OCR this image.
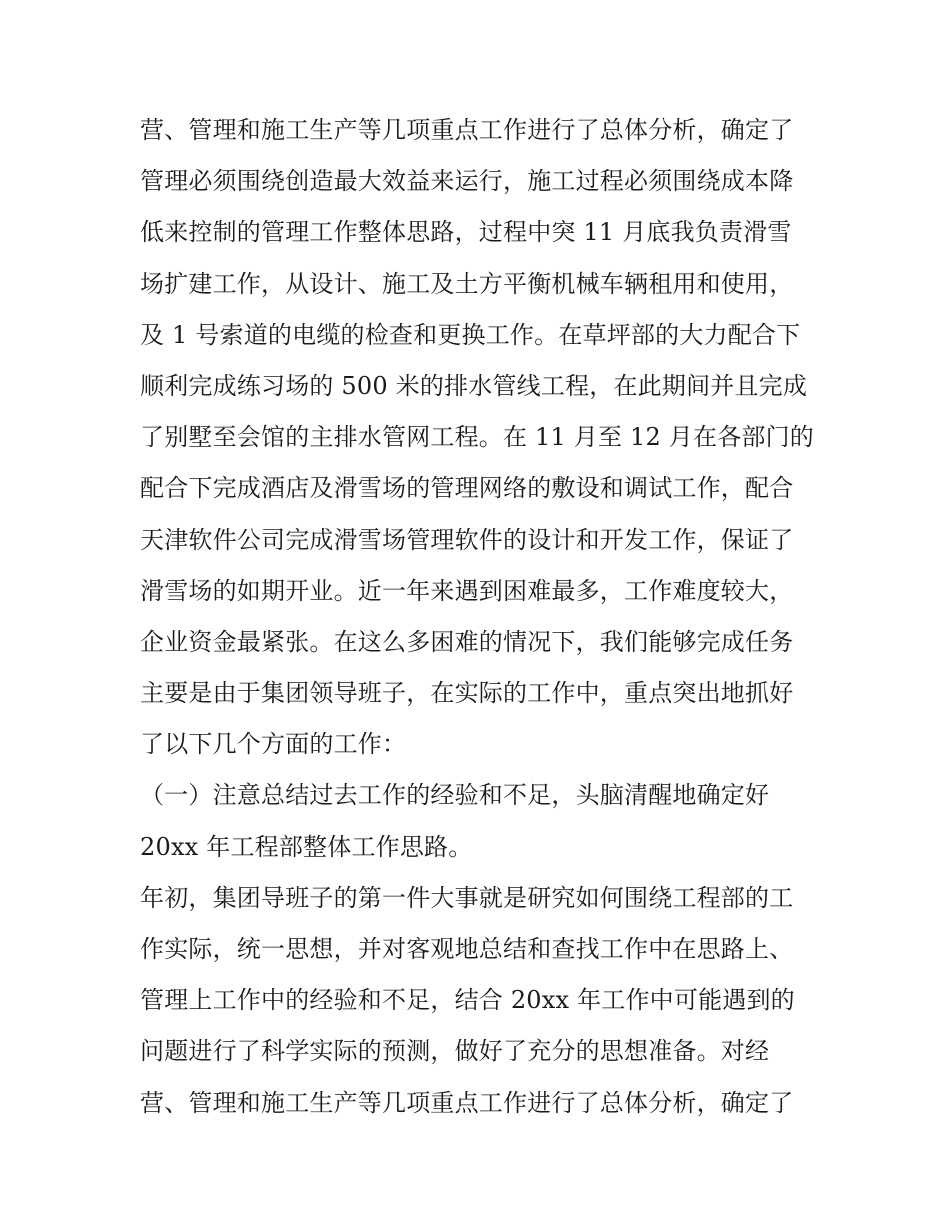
营、管理和施工生产等几项重点工作进行了总体分析，确定了
管理必须围绕创造最大效益来运行，施工过程必须围绕成本降
低来控制的管理工作整体思路，过程中突 11 月底我负责滑雪
场扩建工作，从设计、施工及土方平衡机械车辆租用和使用，
及 1 号索道的电缆的检查和更换工作。在草坪部的大力配合下
顺利完成练习场的 500 米的排水管线工程，在此期间并且完成
了别墅至会馆的主排水管网工程。在 11 月至 12 月在各部门的
配合下完成酒店及滑雪场的管理网络的敷设和调试工作，配合
天津软件公司完成滑雪场管理软件的设计和开发工作，保证了
滑雪场的如期开业。近一年来遇到困难最多，工作难度较大，
企业资金最紧张。在这么多困难的情况下，我们能够完成任务
主要是由于集团领导班子，在实际的工作中，重点突出地抓好
了以下几个方面的工作：
（一）注意总结过去工作的经验和不足，头脑清醒地确定好
20xx 年工程部整体工作思路。
年初，集团导班子的第一件大事就是研究如何围绕工程部的工
作实际，统一思想，并对客观地总结和查找工作中在思路上、
管理上工作中的经验和不足，结合 20xx 年工作中可能遇到的
问题进行了科学实际的预测，做好了充分的思想准备。对经
营、管理和施工生产等几项重点工作进行了总体分析，确定了
